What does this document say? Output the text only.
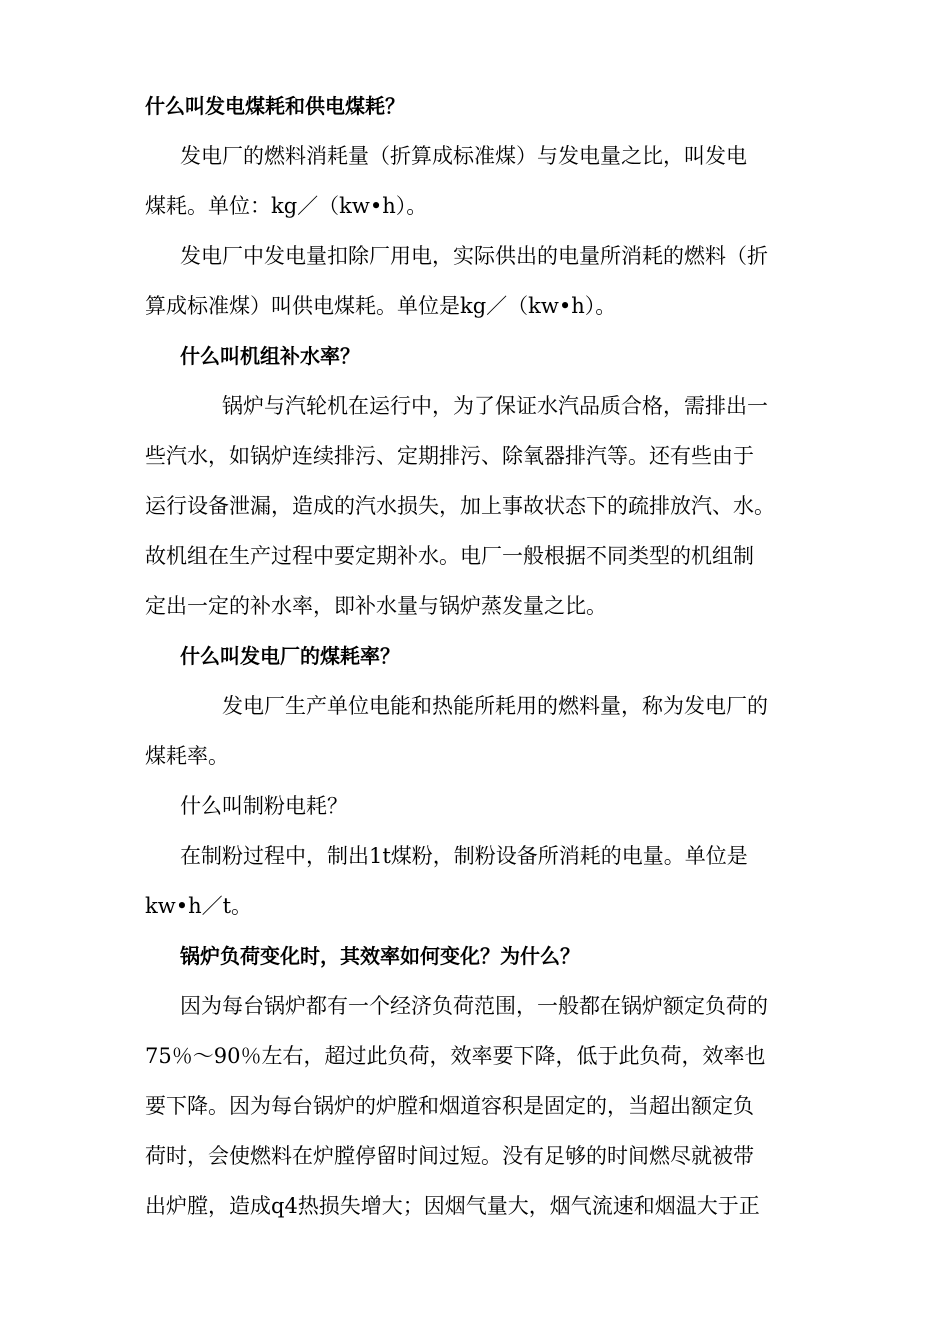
什么叫发电煤耗和供电煤耗？
发电厂的燃料消耗量（折算成标准煤）与发电量之比，叫发电
煤耗。单位：kg／（kw•h）。
发电厂中发电量扣除厂用电，实际供出的电量所消耗的燃料（折
算成标准煤）叫供电煤耗。单位是kg／（kw•h）。
什么叫机组补水率？
锅炉与汽轮机在运行中，为了保证水汽品质合格，需排出一
些汽水，如锅炉连续排污、定期排污、除氧器排汽等。还有些由于
运行设备泄漏，造成的汽水损失，加上事故状态下的疏排放汽、水。
故机组在生产过程中要定期补水。电厂一般根据不同类型的机组制
定出一定的补水率，即补水量与锅炉蒸发量之比。
什么叫发电厂的煤耗率？
发电厂生产单位电能和热能所耗用的燃料量，称为发电厂的
煤耗率。
什么叫制粉电耗？
在制粉过程中，制出1t煤粉，制粉设备所消耗的电量。单位是
kw•h／t。
锅炉负荷变化时，其效率如何变化？为什么？
因为每台锅炉都有一个经济负荷范围，一般都在锅炉额定负荷的
75％～90％左右，超过此负荷，效率要下降，低于此负荷，效率也
要下降。因为每台锅炉的炉膛和烟道容积是固定的，当超出额定负
荷时，会使燃料在炉膛停留时间过短。没有足够的时间燃尽就被带
出炉膛，造成q4热损失增大；因烟气量大，烟气流速和烟温大于正
